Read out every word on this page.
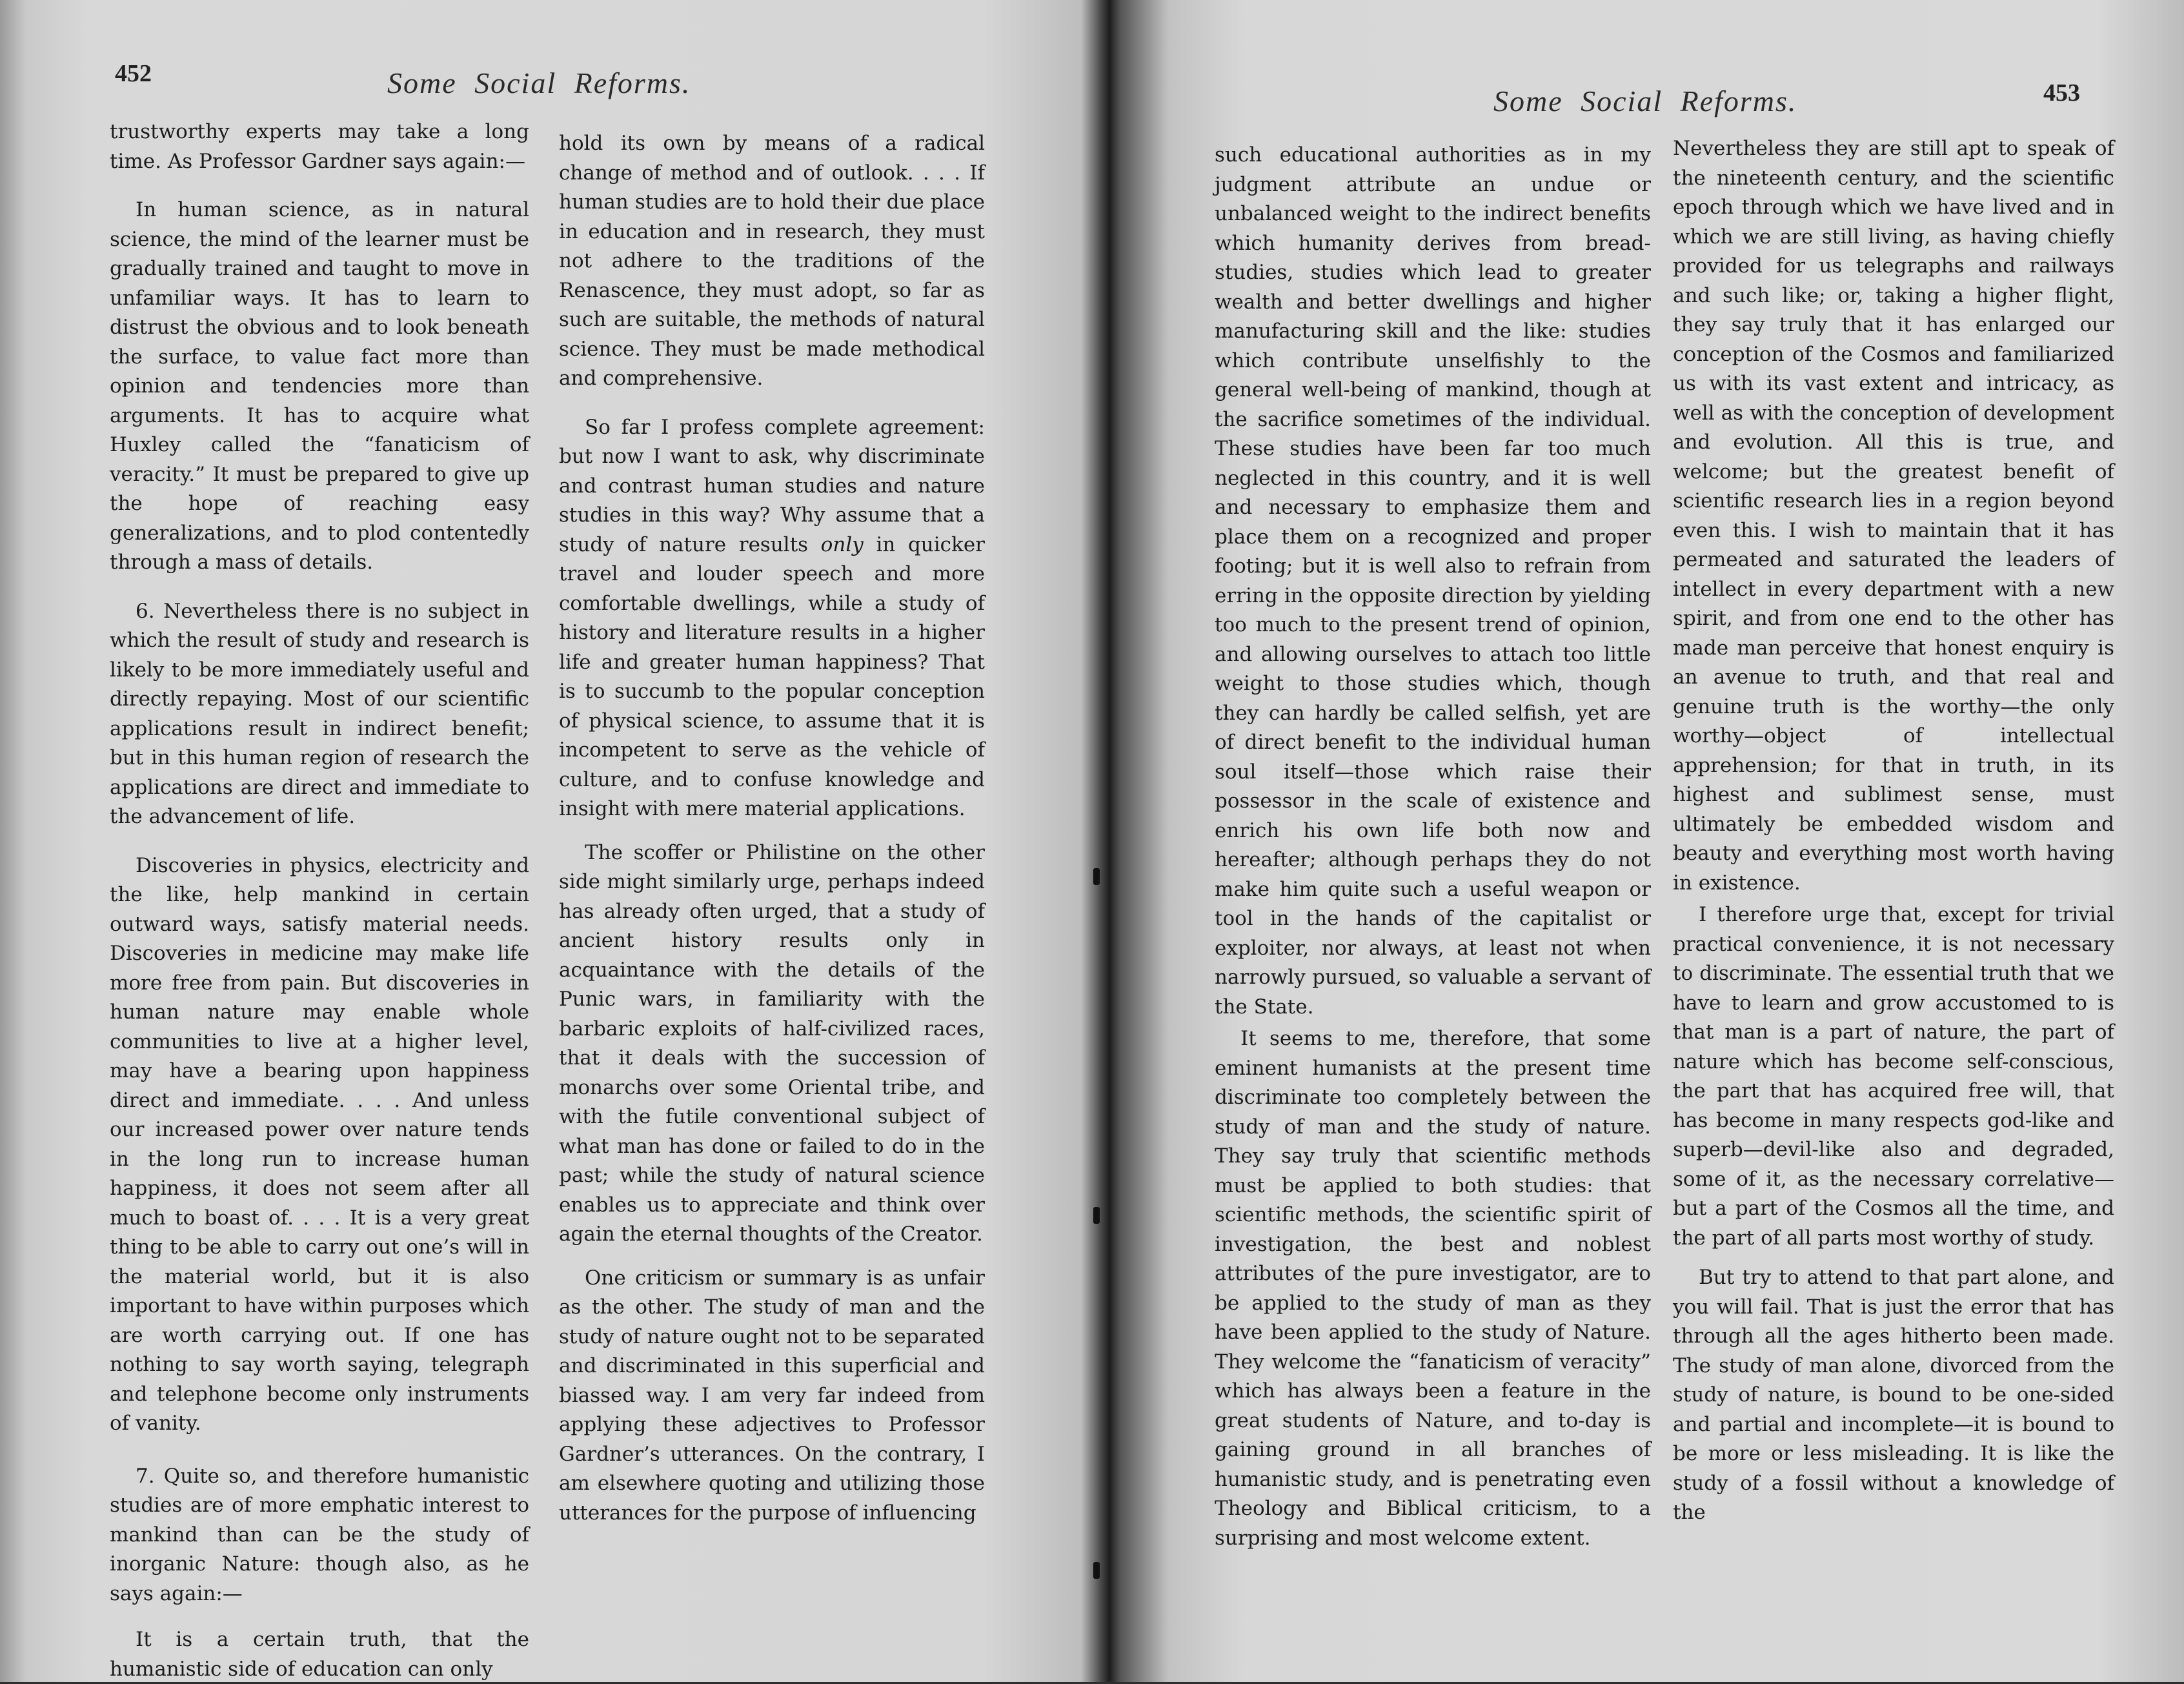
452	Some Social Reforms.

trustworthy experts may take a long time. As Professor Gardner says again:—

In human science, as in natural science, the mind of the learner must be gradually trained and taught to move in unfamiliar ways. It has to learn to distrust the obvious and to look beneath the surface, to value fact more than opinion and tendencies more than arguments. It has to acquire what Huxley called the “fanaticism of veracity.” It must be prepared to give up the hope of reaching easy generalizations, and to plod contentedly through a mass of details.

6. Nevertheless there is no subject in which the result of study and research is likely to be more immediately useful and directly repaying. Most of our scientific applications result in indirect benefit; but in this human region of research the applications are direct and immediate to the advancement of life.

Discoveries in physics, electricity and the like, help mankind in certain outward ways, satisfy material needs. Discoveries in medicine may make life more free from pain. But discoveries in human nature may enable whole communities to live at a higher level, may have a bearing upon happiness direct and immediate. . . . And unless our increased power over nature tends in the long run to increase human happiness, it does not seem after all much to boast of. . . . It is a very great thing to be able to carry out one’s will in the material world, but it is also important to have within purposes which are worth carrying out. If one has nothing to say worth saying, telegraph and telephone become only instruments of vanity.

7. Quite so, and therefore humanistic studies are of more emphatic interest to mankind than can be the study of inorganic Nature: though also, as he says again:—

It is a certain truth, that the humanistic side of education can only

hold its own by means of a radical change of method and of outlook. . . . If human studies are to hold their due place in education and in research, they must not adhere to the traditions of the Renascence, they must adopt, so far as such are suitable, the methods of natural science. They must be made methodical and comprehensive.

So far I profess complete agreement: but now I want to ask, why discriminate and contrast human studies and nature studies in this way? Why assume that a study of nature results only in quicker travel and louder speech and more comfortable dwellings, while a study of history and literature results in a higher life and greater human happiness? That is to succumb to the popular conception of physical science, to assume that it is incompetent to serve as the vehicle of culture, and to confuse knowledge and insight with mere material applications.

The scoffer or Philistine on the other side might similarly urge, perhaps indeed has already often urged, that a study of ancient history results only in acquaintance with the details of the Punic wars, in familiarity with the barbaric exploits of half-civilized races, that it deals with the succession of monarchs over some Oriental tribe, and with the futile conventional subject of what man has done or failed to do in the past; while the study of natural science enables us to appreciate and think over again the eternal thoughts of the Creator.

One criticism or summary is as unfair as the other. The study of man and the study of nature ought not to be separated and discriminated in this superficial and biassed way. I am very far indeed from applying these adjectives to Professor Gardner’s utterances. On the contrary, I am elsewhere quoting and utilizing those utterances for the purpose of influencing

Some Social Reforms.	453

such educational authorities as in my judgment attribute an undue or unbalanced weight to the indirect benefits which humanity derives from bread-studies, studies which lead to greater wealth and better dwellings and higher manufacturing skill and the like: studies which contribute unselfishly to the general well-being of mankind, though at the sacrifice sometimes of the individual. These studies have been far too much neglected in this country, and it is well and necessary to emphasize them and place them on a recognized and proper footing; but it is well also to refrain from erring in the opposite direction by yielding too much to the present trend of opinion, and allowing ourselves to attach too little weight to those studies which, though they can hardly be called selfish, yet are of direct benefit to the individual human soul itself—those which raise their possessor in the scale of existence and enrich his own life both now and hereafter; although perhaps they do not make him quite such a useful weapon or tool in the hands of the capitalist or exploiter, nor always, at least not when narrowly pursued, so valuable a servant of the State.

It seems to me, therefore, that some eminent humanists at the present time discriminate too completely between the study of man and the study of nature. They say truly that scientific methods must be applied to both studies: that scientific methods, the scientific spirit of investigation, the best and noblest attributes of the pure investigator, are to be applied to the study of man as they have been applied to the study of Nature. They welcome the “fanaticism of veracity” which has always been a feature in the great students of Nature, and to-day is gaining ground in all branches of humanistic study, and is penetrating even Theology and Biblical criticism, to a surprising and most welcome extent.

Nevertheless they are still apt to speak of the nineteenth century, and the scientific epoch through which we have lived and in which we are still living, as having chiefly provided for us telegraphs and railways and such like; or, taking a higher flight, they say truly that it has enlarged our conception of the Cosmos and familiarized us with its vast extent and intricacy, as well as with the conception of development and evolution. All this is true, and welcome; but the greatest benefit of scientific research lies in a region beyond even this. I wish to maintain that it has permeated and saturated the leaders of intellect in every department with a new spirit, and from one end to the other has made man perceive that honest enquiry is an avenue to truth, and that real and genuine truth is the worthy—the only worthy—object of intellectual apprehension; for that in truth, in its highest and sublimest sense, must ultimately be embedded wisdom and beauty and everything most worth having in existence.

I therefore urge that, except for trivial practical convenience, it is not necessary to discriminate. The essential truth that we have to learn and grow accustomed to is that man is a part of nature, the part of nature which has become self-conscious, the part that has acquired free will, that has become in many respects god-like and superb—devil-like also and degraded, some of it, as the necessary correlative—but a part of the Cosmos all the time, and the part of all parts most worthy of study.

But try to attend to that part alone, and you will fail. That is just the error that has through all the ages hitherto been made. The study of man alone, divorced from the study of nature, is bound to be one-sided and partial and incomplete—it is bound to be more or less misleading. It is like the study of a fossil without a knowledge of the
